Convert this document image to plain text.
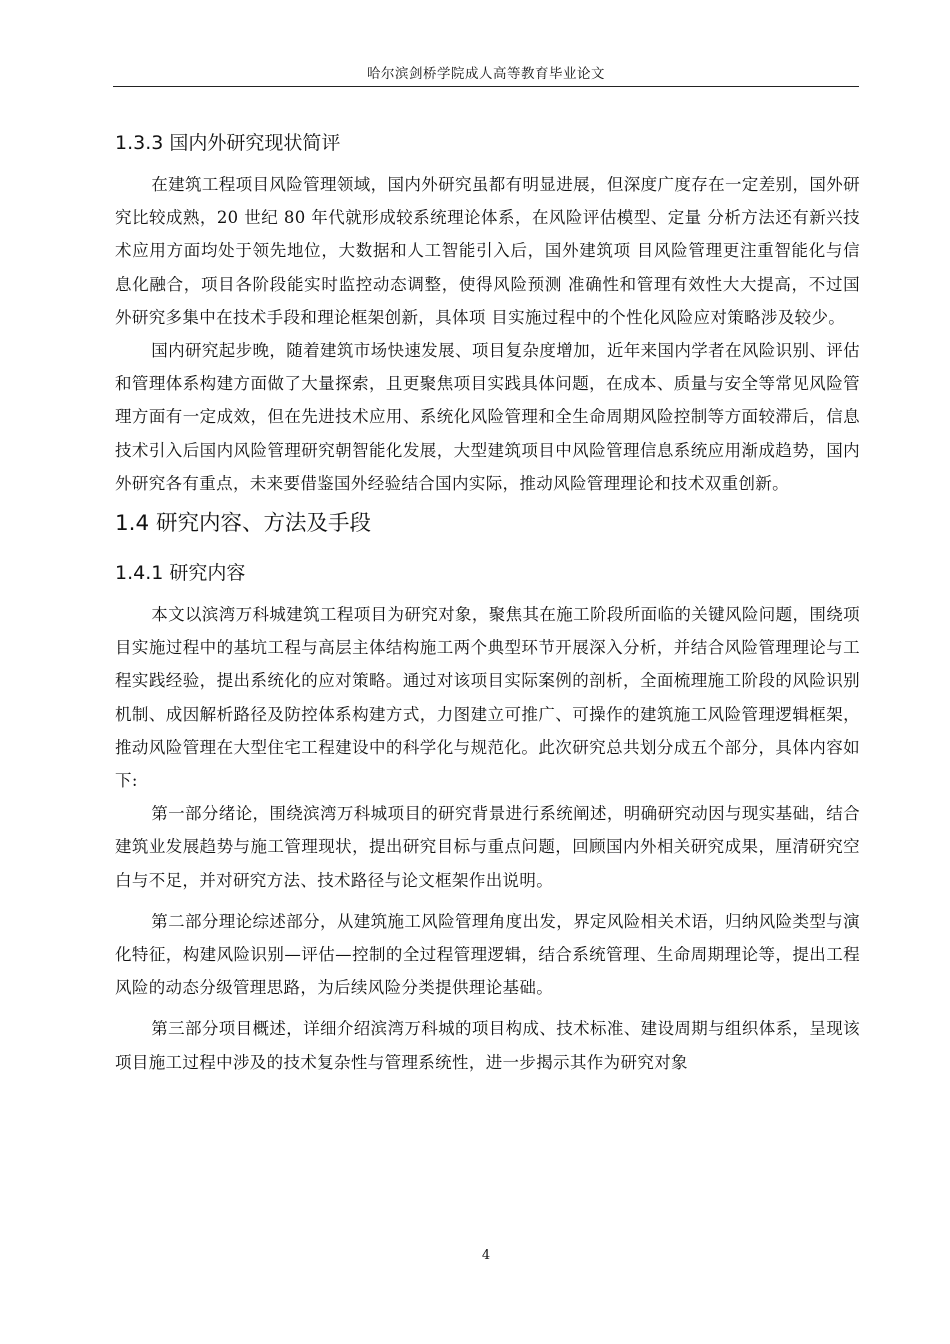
哈尔滨剑桥学院成人高等教育毕业论文
1.3.3 国内外研究现状简评

在建筑工程项目风险管理领域，国内外研究虽都有明显进展，但深度广度存在一定差别，国外研究比较成熟，20 世纪 80 年代就形成较系统理论体系，在风险评估模型、定量 分析方法还有新兴技术应用方面均处于领先地位，大数据和人工智能引入后，国外建筑项 目风险管理更注重智能化与信息化融合，项目各阶段能实时监控动态调整，使得风险预测 准确性和管理有效性大大提高，不过国外研究多集中在技术手段和理论框架创新，具体项 目实施过程中的个性化风险应对策略涉及较少。

国内研究起步晚，随着建筑市场快速发展、项目复杂度增加，近年来国内学者在风险识别、评估和管理体系构建方面做了大量探索，且更聚焦项目实践具体问题，在成本、质量与安全等常见风险管理方面有一定成效，但在先进技术应用、系统化风险管理和全生命周期风险控制等方面较滞后，信息技术引入后国内风险管理研究朝智能化发展，大型建筑项目中风险管理信息系统应用渐成趋势，国内外研究各有重点，未来要借鉴国外经验结合国内实际，推动风险管理理论和技术双重创新。

1.4 研究内容、方法及手段
1.4.1 研究内容

本文以滨湾万科城建筑工程项目为研究对象，聚焦其在施工阶段所面临的关键风险问题，围绕项目实施过程中的基坑工程与高层主体结构施工两个典型环节开展深入分析，并结合风险管理理论与工程实践经验，提出系统化的应对策略。通过对该项目实际案例的剖析，全面梳理施工阶段的风险识别机制、成因解析路径及防控体系构建方式，力图建立可推广、可操作的建筑施工风险管理逻辑框架，推动风险管理在大型住宅工程建设中的科学化与规范化。此次研究总共划分成五个部分，具体内容如下:

第一部分绪论，围绕滨湾万科城项目的研究背景进行系统阐述，明确研究动因与现实基础，结合建筑业发展趋势与施工管理现状，提出研究目标与重点问题，回顾国内外相关研究成果，厘清研究空白与不足，并对研究方法、技术路径与论文框架作出说明。

第二部分理论综述部分，从建筑施工风险管理角度出发，界定风险相关术语，归纳风险类型与演化特征，构建风险识别—评估—控制的全过程管理逻辑，结合系统管理、生命周期理论等，提出工程风险的动态分级管理思路，为后续风险分类提供理论基础。

第三部分项目概述，详细介绍滨湾万科城的项目构成、技术标准、建设周期与组织体系，呈现该项目施工过程中涉及的技术复杂性与管理系统性，进一步揭示其作为研究对象

4
